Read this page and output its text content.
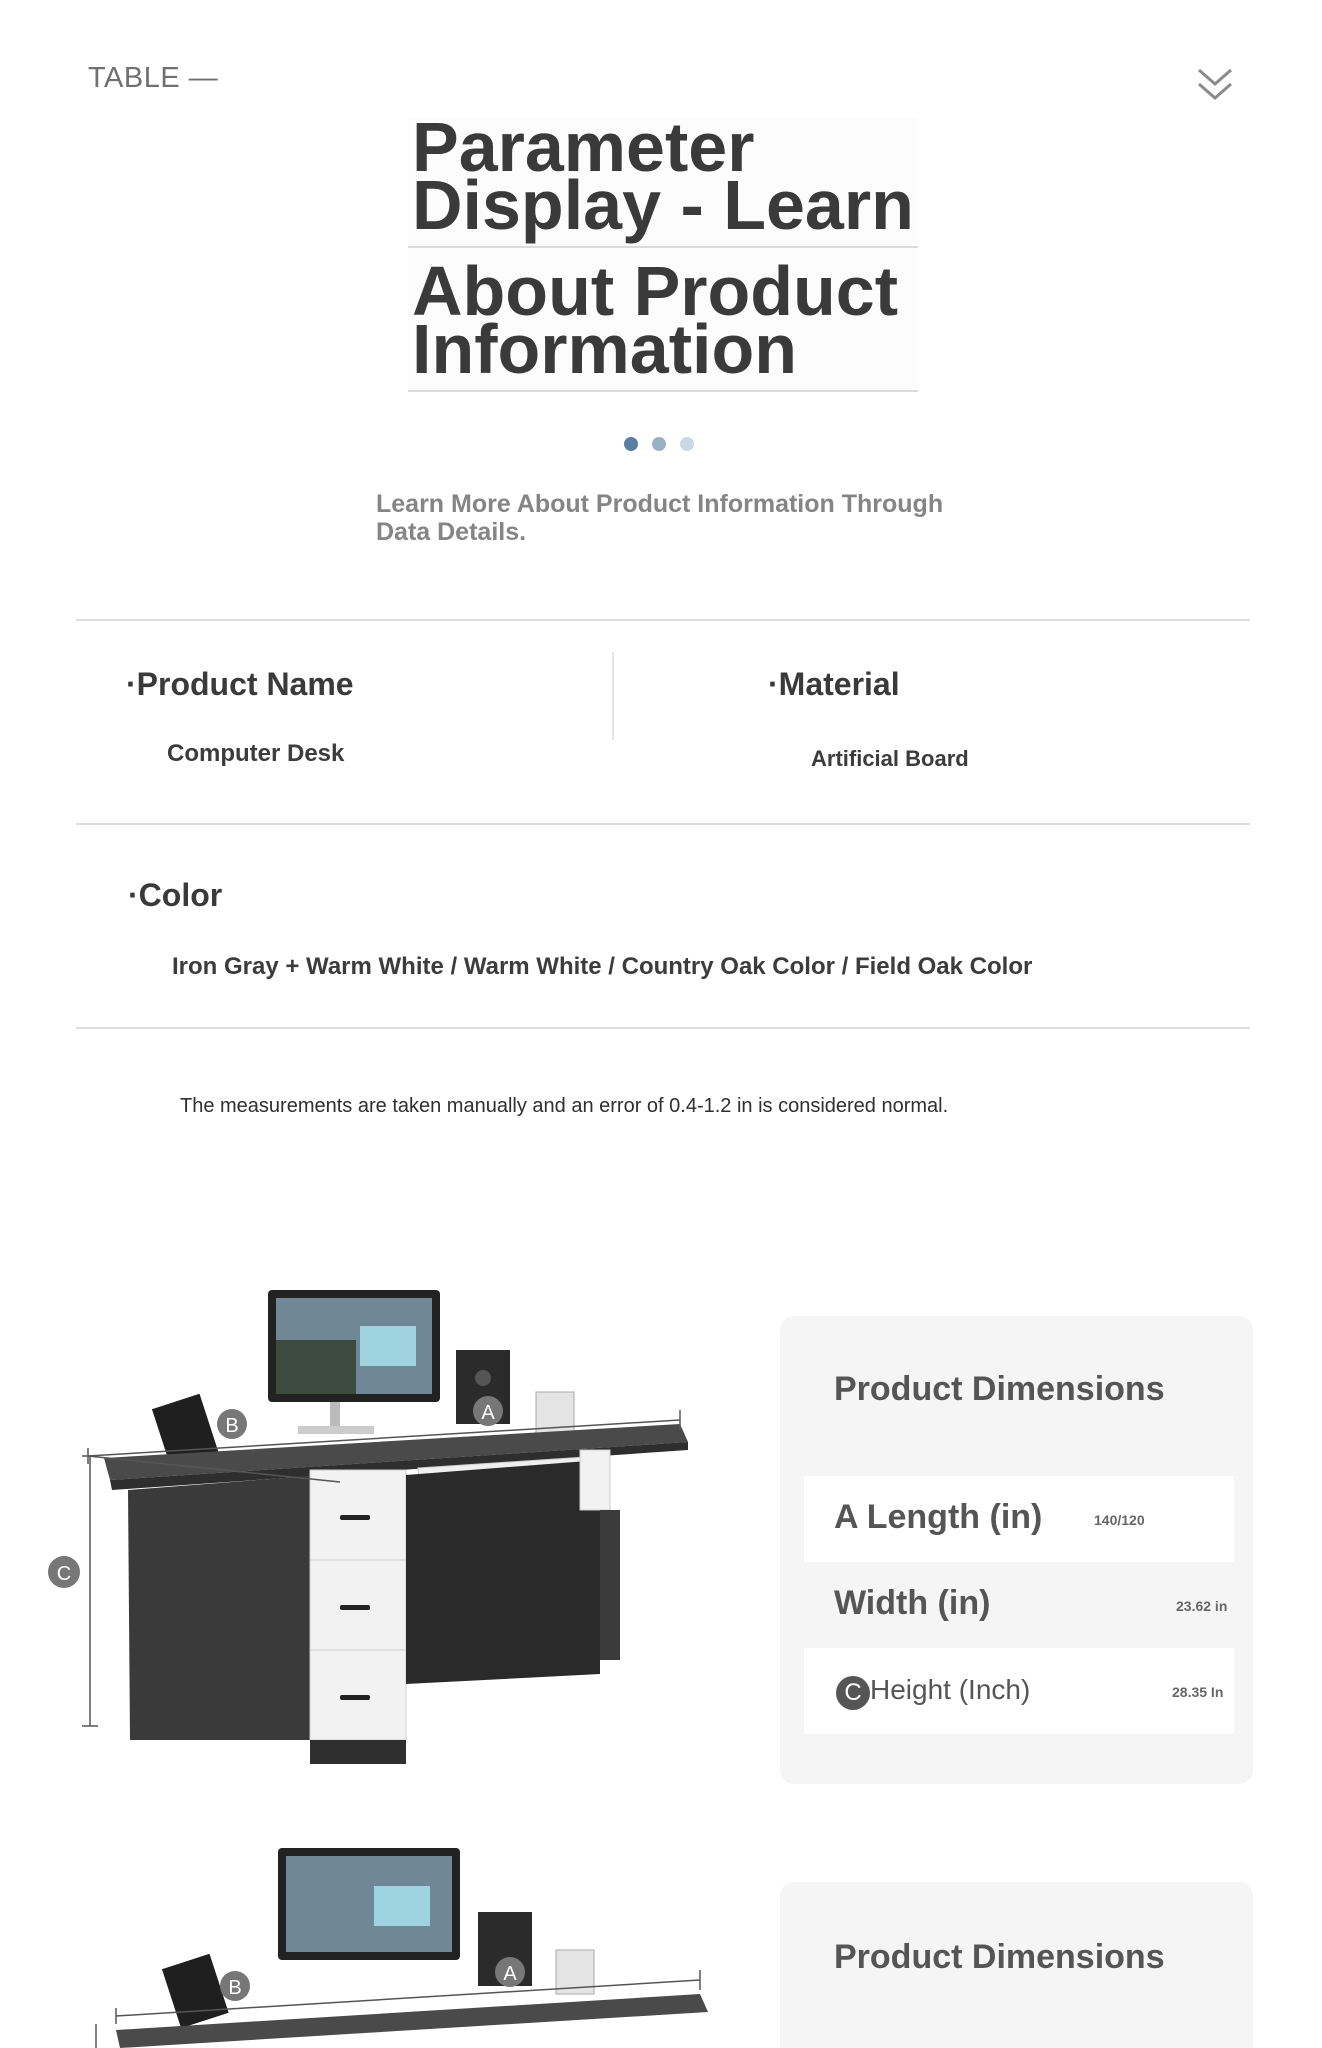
TABLE —
Parameter
Display - Learn
About Product
Information
Learn More About Product Information Through
Data Details.
·Product Name
Computer Desk
·Material
Artificial Board
·Color
Iron Gray + Warm White / Warm White / Country Oak Color / Field Oak Color
The measurements are taken manually and an error of 0.4-1.2 in is considered normal.
B
A
C
Product Dimensions
A Length (in)	140/120
Width (in)	23.62 in
C Height (Inch)	28.35 In
B
A	Product Dimensions
